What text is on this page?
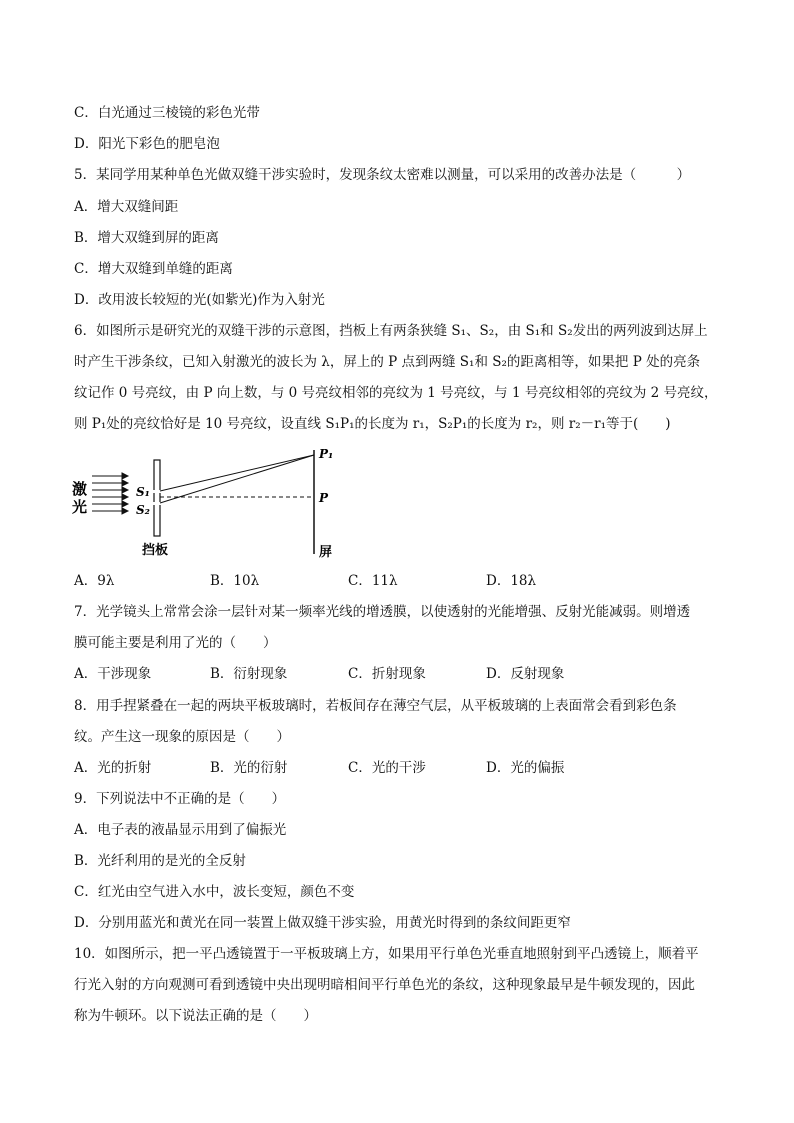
C．白光通过三棱镜的彩色光带
D．阳光下彩色的肥皂泡
5．某同学用某种单色光做双缝干涉实验时，发现条纹太密难以测量，可以采用的改善办法是（　　　）
A．增大双缝间距
B．增大双缝到屏的距离
C．增大双缝到单缝的距离
D．改用波长较短的光(如紫光)作为入射光
6．如图所示是研究光的双缝干涉的示意图，挡板上有两条狭缝 S₁、S₂，由 S₁和 S₂发出的两列波到达屏上
时产生干涉条纹，已知入射激光的波长为 λ，屏上的 P 点到两缝 S₁和 S₂的距离相等，如果把 P 处的亮条
纹记作 0 号亮纹，由 P 向上数，与 0 号亮纹相邻的亮纹为 1 号亮纹，与 1 号亮纹相邻的亮纹为 2 号亮纹，
则 P₁处的亮纹恰好是 10 号亮纹，设直线 S₁P₁的长度为 r₁，S₂P₁的长度为 r₂，则 r₂－r₁等于(　　)
激
光
S₁
S₂
挡板
P₁
P
屏
A．9λ	B．10λ	C．11λ	D．18λ
7．光学镜头上常常会涂一层针对某一频率光线的增透膜，以使透射的光能增强、反射光能减弱。则增透
膜可能主要是利用了光的（　　）
A．干涉现象	B．衍射现象	C．折射现象	D．反射现象
8．用手捏紧叠在一起的两块平板玻璃时，若板间存在薄空气层，从平板玻璃的上表面常会看到彩色条
纹。产生这一现象的原因是（　　）
A．光的折射	B．光的衍射	C．光的干涉	D．光的偏振
9．下列说法中不正确的是（　　）
A．电子表的液晶显示用到了偏振光
B．光纤利用的是光的全反射
C．红光由空气进入水中，波长变短，颜色不变
D．分别用蓝光和黄光在同一装置上做双缝干涉实验，用黄光时得到的条纹间距更窄
10．如图所示，把一平凸透镜置于一平板玻璃上方，如果用平行单色光垂直地照射到平凸透镜上，顺着平
行光入射的方向观测可看到透镜中央出现明暗相间平行单色光的条纹，这种现象最早是牛顿发现的，因此
称为牛顿环。以下说法正确的是（　　）
